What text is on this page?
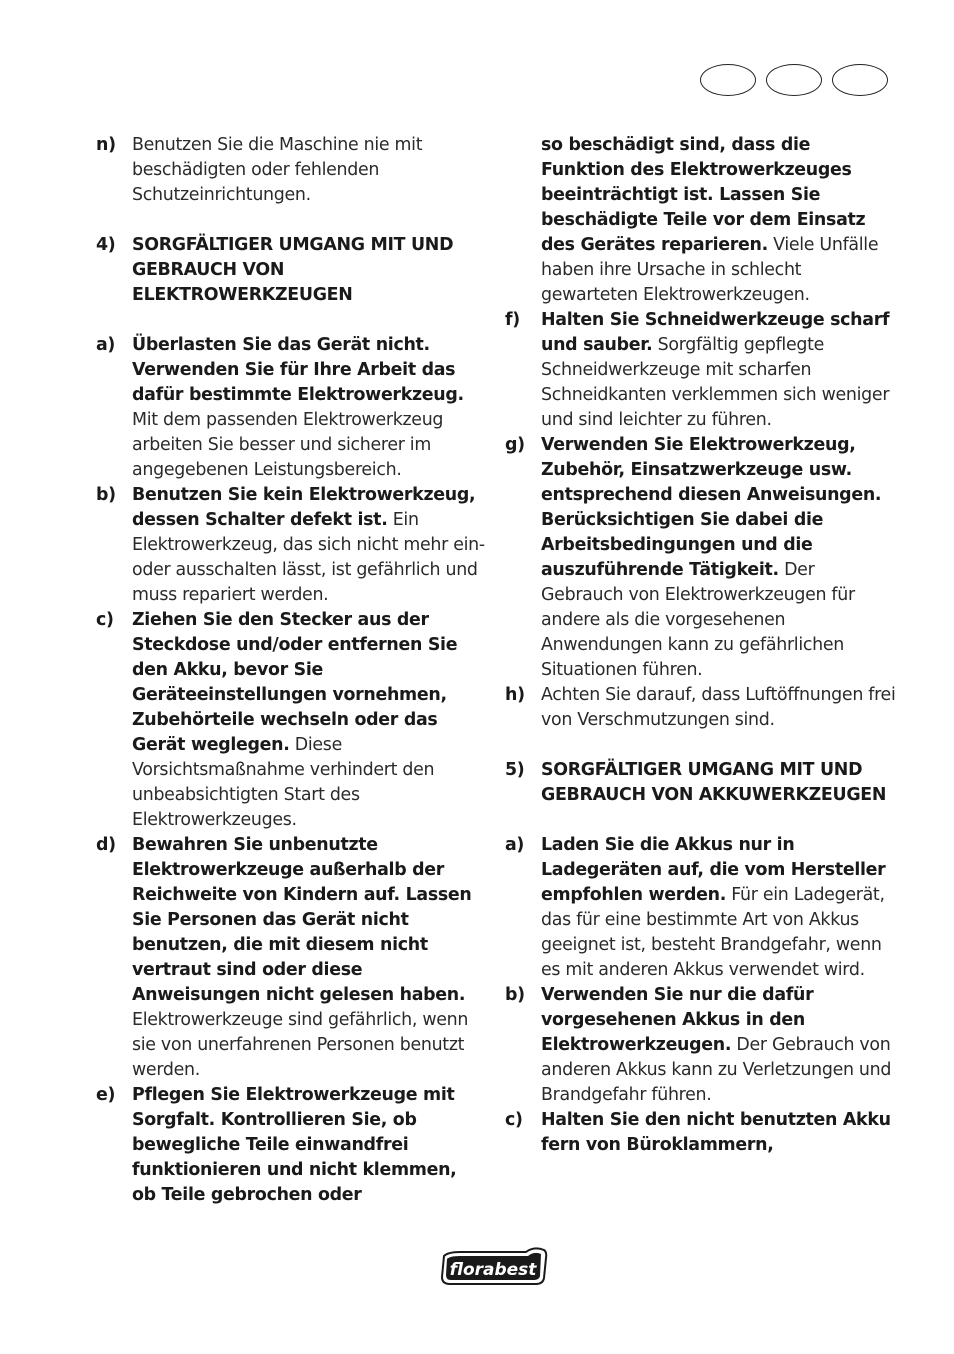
n) Benutzen Sie die Maschine nie mit beschädigten oder fehlenden Schutzeinrichtungen.
4) SORGFÄLTIGER UMGANG MIT UND GEBRAUCH VON ELEKTROWERKZEUGEN
a) Überlasten Sie das Gerät nicht. Verwenden Sie für Ihre Arbeit das dafür bestimmte Elektrowerkzeug. Mit dem passenden Elektrowerkzeug arbeiten Sie besser und sicherer im angegebenen Leistungsbereich.
b) Benutzen Sie kein Elektrowerkzeug, dessen Schalter defekt ist. Ein Elektrowerkzeug, das sich nicht mehr ein- oder ausschalten lässt, ist gefährlich und muss repariert werden.
c) Ziehen Sie den Stecker aus der Steckdose und/oder entfernen Sie den Akku, bevor Sie Geräteeinstellungen vornehmen, Zubehörteile wechseln oder das Gerät weglegen. Diese Vorsichtsmaßnahme verhindert den unbeabsichtigten Start des Elektrowerkzeuges.
d) Bewahren Sie unbenutzte Elektrowerkzeuge außerhalb der Reichweite von Kindern auf. Lassen Sie Personen das Gerät nicht benutzen, die mit diesem nicht vertraut sind oder diese Anweisungen nicht gelesen haben. Elektrowerkzeuge sind gefährlich, wenn sie von unerfahrenen Personen benutzt werden.
e) Pflegen Sie Elektrowerkzeuge mit Sorgfalt. Kontrollieren Sie, ob bewegliche Teile einwandfrei funktionieren und nicht klemmen, ob Teile gebrochen oder
so beschädigt sind, dass die Funktion des Elektrowerkzeuges beeinträchtigt ist. Lassen Sie beschädigte Teile vor dem Einsatz des Gerätes reparieren. Viele Unfälle haben ihre Ursache in schlecht gewarteten Elektrowerkzeugen.
f) Halten Sie Schneidwerkzeuge scharf und sauber. Sorgfältig gepflegte Schneidwerkzeuge mit scharfen Schneidkanten verklemmen sich weniger und sind leichter zu führen.
g) Verwenden Sie Elektrowerkzeug, Zubehör, Einsatzwerkzeuge usw. entsprechend diesen Anweisungen. Berücksichtigen Sie dabei die Arbeitsbedingungen und die auszuführende Tätigkeit. Der Gebrauch von Elektrowerkzeugen für andere als die vorgesehenen Anwendungen kann zu gefährlichen Situationen führen.
h) Achten Sie darauf, dass Luftöffnungen frei von Verschmutzungen sind.
5) SORGFÄLTIGER UMGANG MIT UND GEBRAUCH VON AKKUWERKZEUGEN
a) Laden Sie die Akkus nur in Ladegeräten auf, die vom Hersteller empfohlen werden. Für ein Ladegerät, das für eine bestimmte Art von Akkus geeignet ist, besteht Brandgefahr, wenn es mit anderen Akkus verwendet wird.
b) Verwenden Sie nur die dafür vorgesehenen Akkus in den Elektrowerkzeugen. Der Gebrauch von anderen Akkus kann zu Verletzungen und Brandgefahr führen.
c) Halten Sie den nicht benutzten Akku fern von Büroklammern,
florabest
